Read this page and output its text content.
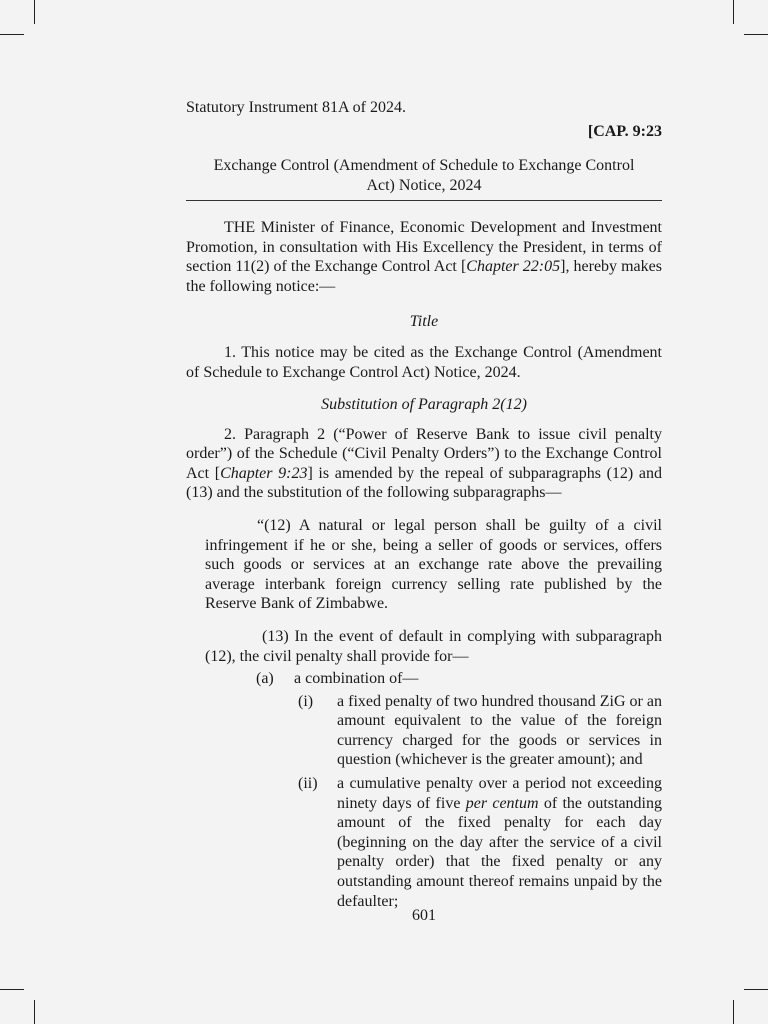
Statutory Instrument 81A of 2024.

[CAP. 9:23

Exchange Control (Amendment of Schedule to Exchange Control
Act) Notice, 2024

THE Minister of Finance, Economic Development and Investment Promotion, in consultation with His Excellency the President, in terms of section 11(2) of the Exchange Control Act [Chapter 22:05], hereby makes the following notice:—

Title

1. This notice may be cited as the Exchange Control (Amendment of Schedule to Exchange Control Act) Notice, 2024.

Substitution of Paragraph 2(12)

2. Paragraph 2 (“Power of Reserve Bank to issue civil penalty order”) of the Schedule (“Civil Penalty Orders”) to the Exchange Control Act [Chapter 9:23] is amended by the repeal of subparagraphs (12) and (13) and the substitution of the following subparagraphs—

“(12) A natural or legal person shall be guilty of a civil infringement if he or she, being a seller of goods or services, offers such goods or services at an exchange rate above the prevailing average interbank foreign currency selling rate published by the Reserve Bank of Zimbabwe.

(13) In the event of default in complying with subparagraph (12), the civil penalty shall provide for—

(a) a combination of—
(i)	a fixed penalty of two hundred thousand ZiG or an amount equivalent to the value of the foreign currency charged for the goods or services in question (whichever is the greater amount); and
(ii)	a cumulative penalty over a period not exceeding ninety days of five per centum of the outstanding amount of the fixed penalty for each day (beginning on the day after the service of a civil penalty order) that the fixed penalty or any outstanding amount thereof remains unpaid by the defaulter;
601
